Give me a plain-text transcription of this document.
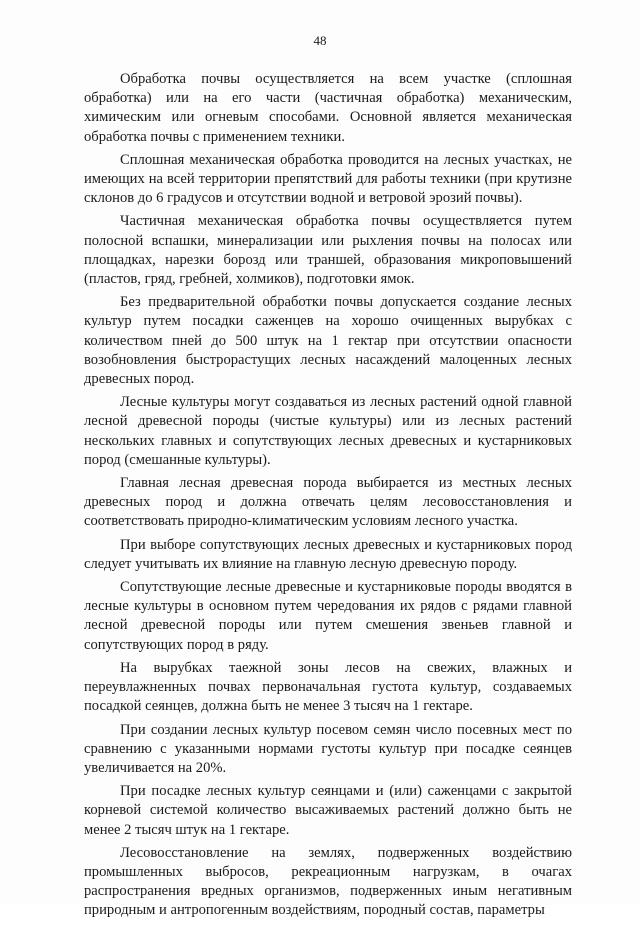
48

Обработка почвы осуществляется на всем участке (сплошная обработка) или на его части (частичная обработка) механическим, химическим или огневым способами. Основной является механическая обработка почвы с применением техники.

Сплошная механическая обработка проводится на лесных участках, не имеющих на всей территории препятствий для работы техники (при крутизне склонов до 6 градусов и отсутствии водной и ветровой эрозий почвы).

Частичная механическая обработка почвы осуществляется путем полосной вспашки, минерализации или рыхления почвы на полосах или площадках, нарезки борозд или траншей, образования микроповышений (пластов, гряд, гребней, холмиков), подготовки ямок.

Без предварительной обработки почвы допускается создание лесных культур путем посадки саженцев на хорошо очищенных вырубках с количеством пней до 500 штук на 1 гектар при отсутствии опасности возобновления быстрорастущих лесных насаждений малоценных лесных древесных пород.

Лесные культуры могут создаваться из лесных растений одной главной лесной древесной породы (чистые культуры) или из лесных растений нескольких главных и сопутствующих лесных древесных и кустарниковых пород (смешанные культуры).

Главная лесная древесная порода выбирается из местных лесных древесных пород и должна отвечать целям лесовосстановления и соответствовать природно-климатическим условиям лесного участка.

При выборе сопутствующих лесных древесных и кустарниковых пород следует учитывать их влияние на главную лесную древесную породу.

Сопутствующие лесные древесные и кустарниковые породы вводятся в лесные культуры в основном путем чередования их рядов с рядами главной лесной древесной породы или путем смешения звеньев главной и сопутствующих пород в ряду.

На вырубках таежной зоны лесов на свежих, влажных и переувлажненных почвах первоначальная густота культур, создаваемых посадкой сеянцев, должна быть не менее 3 тысяч на 1 гектаре.

При создании лесных культур посевом семян число посевных мест по сравнению с указанными нормами густоты культур при посадке сеянцев увеличивается на 20%.

При посадке лесных культур сеянцами и (или) саженцами с закрытой корневой системой количество высаживаемых растений должно быть не менее 2 тысяч штук на 1 гектаре.

Лесовосстановление на землях, подверженных воздействию промышленных выбросов, рекреационным нагрузкам, в очагах распространения вредных организмов, подверженных иным негативным природным и антропогенным воздействиям, породный состав, параметры
